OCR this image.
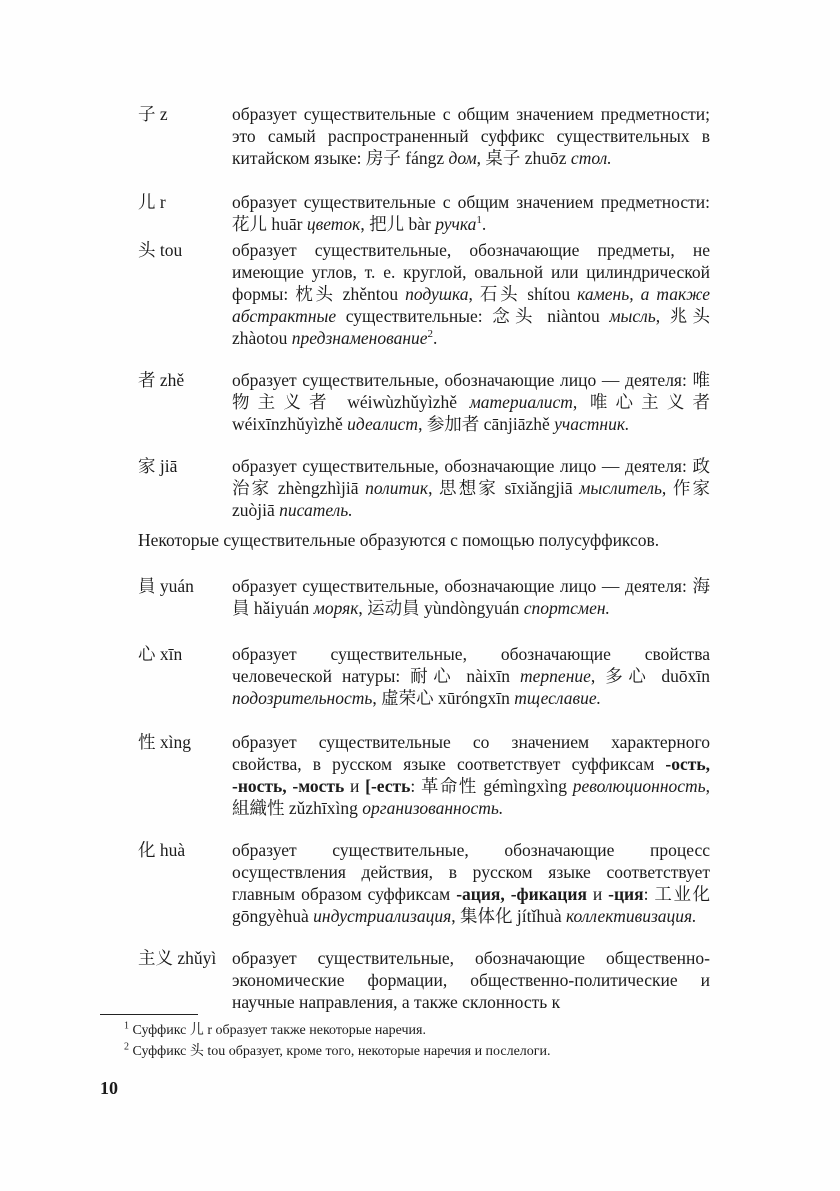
子 z	образует существительные с общим значением предметности; это самый распространенный суффикс существительных в китайском языке: 房子 fángz дом, 桌子 zhuōz стол.
儿 r	образует существительные с общим значением предметности: 花儿 huār цветок, 把儿 bàr ручка$^1$.
头 tou	образует существительные, обозначающие предметы, не имеющие углов, т. е. круглой, овальной или цилиндрической формы: 枕头 zhěntou подушка, 石头 shítou камень, а также абстрактные существительные: 念头 niàntou мысль, 兆头 zhàotou предзнаменование$^2$.
者 zhě	образует существительные, обозначающие лицо — деятеля: 唯物主义者 wéiwùzhǔyìzhě материалист, 唯心主义者 wéixīnzhǔyìzhě идеалист, 参加者 cānjiāzhě участник.
家 jiā	образует существительные, обозначающие лицо — деятеля: 政治家 zhèngzhìjiā политик, 思想家 sīxiǎngjiā мыслитель, 作家 zuòjiā писатель.
Некоторые существительные образуются с помощью полусуффиксов.
員 yuán образует существительные, обозначающие лицо — деятеля: 海員 hǎiyuán моряк, 运动員 yùndòngyuán спортсмен.
心 xīn	образует существительные, обозначающие свойства человеческой натуры: 耐心 nàixīn терпение, 多心 duōxīn подозрительность, 虛荣心 xūróngxīn тщеславие.
性 xìng образует существительные со значением характерного свойства, в русском языке соответствует суффиксам -ость, -ность, -мость и [-есть: 革命性 gémìngxìng революционность, 組織性 zǔzhīxìng организованность.
化 huà	образует существительные, обозначающие процесс осуществления действия, в русском языке соответствует главным образом суффиксам -ация, -фикация и -ция: 工业化 gōngyèhuà индустриализация, 集体化 jítǐhuà коллективизация.
主义 zhǔyì образует существительные, обозначающие общественно-экономические формации, общественно-политические и научные направления, а также склонность к
$^1$ Суффикс 儿 r образует также некоторые наречия.
$^2$ Суффикс 头 tou образует, кроме того, некоторые наречия и послелоги.
10
